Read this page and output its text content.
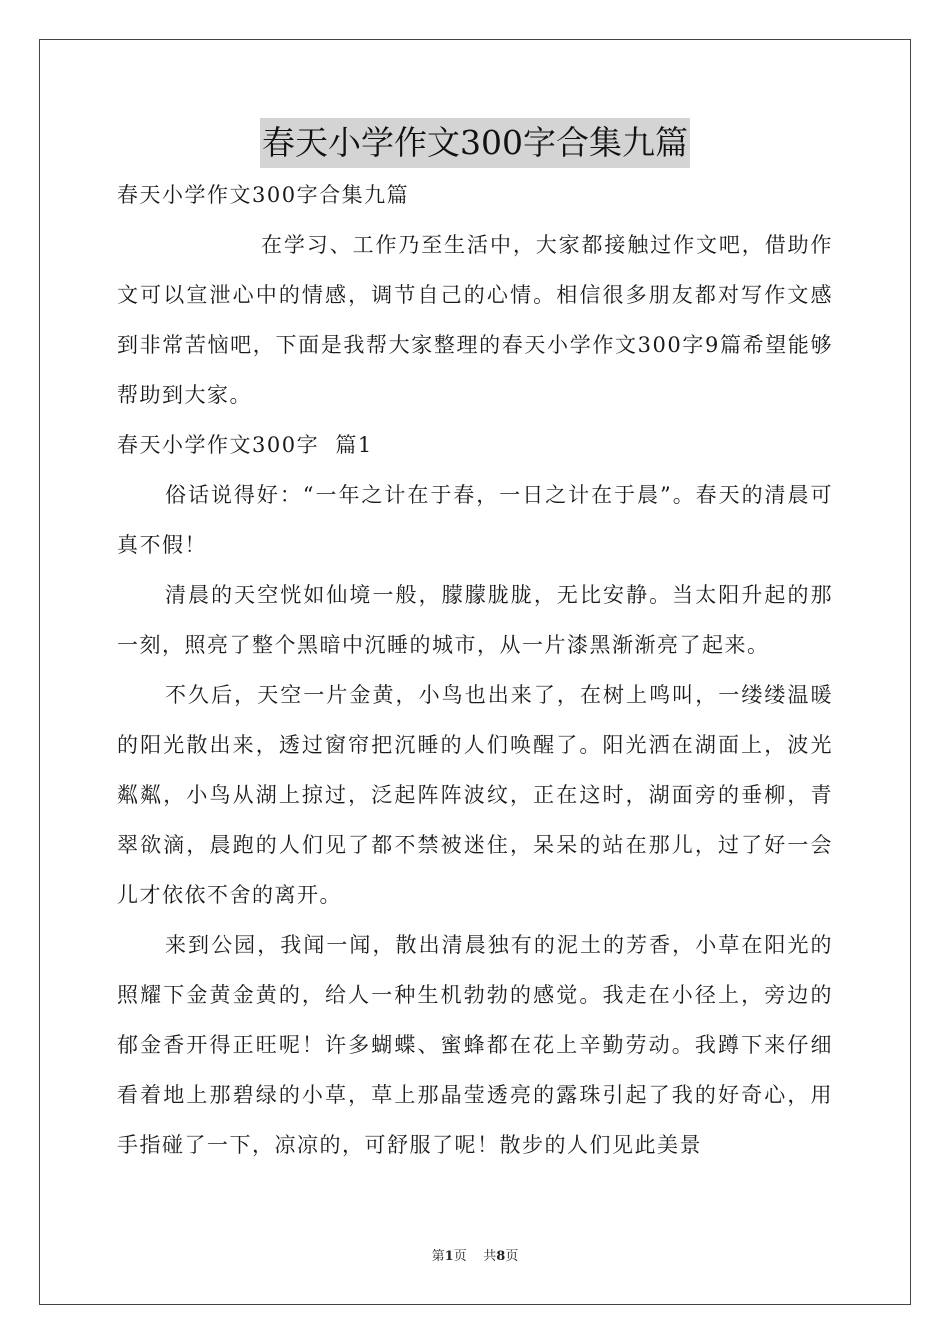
春天小学作文300字合集九篇

春天小学作文300字合集九篇

在学习、工作乃至生活中，大家都接触过作文吧，借助作文可以宣泄心中的情感，调节自己的心情。相信很多朋友都对写作文感到非常苦恼吧，下面是我帮大家整理的春天小学作文300字9篇希望能够帮助到大家。

春天小学作文300字  篇1

俗话说得好：“一年之计在于春，一日之计在于晨”。春天的清晨可真不假！

清晨的天空恍如仙境一般，朦朦胧胧，无比安静。当太阳升起的那一刻，照亮了整个黑暗中沉睡的城市，从一片漆黑渐渐亮了起来。

不久后，天空一片金黄，小鸟也出来了，在树上鸣叫，一缕缕温暖的阳光散出来，透过窗帘把沉睡的人们唤醒了。阳光洒在湖面上，波光粼粼，小鸟从湖上掠过，泛起阵阵波纹，正在这时，湖面旁的垂柳，青翠欲滴，晨跑的人们见了都不禁被迷住，呆呆的站在那儿，过了好一会儿才依依不舍的离开。

来到公园，我闻一闻，散出清晨独有的泥土的芳香，小草在阳光的照耀下金黄金黄的，给人一种生机勃勃的感觉。我走在小径上，旁边的郁金香开得正旺呢！许多蝴蝶、蜜蜂都在花上辛勤劳动。我蹲下来仔细看着地上那碧绿的小草，草上那晶莹透亮的露珠引起了我的好奇心，用手指碰了一下，凉凉的，可舒服了呢！散步的人们见此美景

第1页 共8页
